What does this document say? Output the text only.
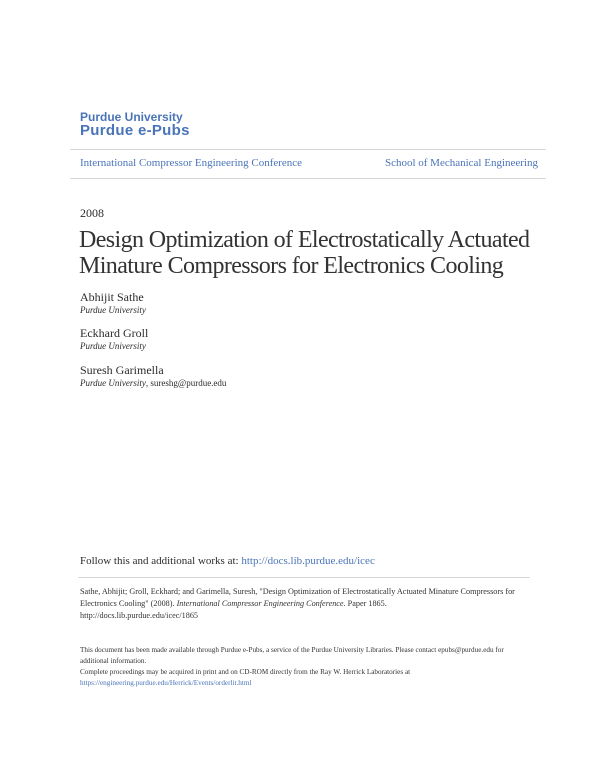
Purdue University
Purdue e-Pubs
International Compressor Engineering Conference	School of Mechanical Engineering
2008
Design Optimization of Electrostatically Actuated Minature Compressors for Electronics Cooling
Abhijit Sathe
Purdue University
Eckhard Groll
Purdue University
Suresh Garimella
Purdue University, sureshg@purdue.edu
Follow this and additional works at: http://docs.lib.purdue.edu/icec
Sathe, Abhijit; Groll, Eckhard; and Garimella, Suresh, "Design Optimization of Electrostatically Actuated Minature Compressors for Electronics Cooling" (2008). International Compressor Engineering Conference. Paper 1865.
http://docs.lib.purdue.edu/icec/1865
This document has been made available through Purdue e-Pubs, a service of the Purdue University Libraries. Please contact epubs@purdue.edu for additional information.
Complete proceedings may be acquired in print and on CD-ROM directly from the Ray W. Herrick Laboratories at https://engineering.purdue.edu/Herrick/Events/orderlit.html
